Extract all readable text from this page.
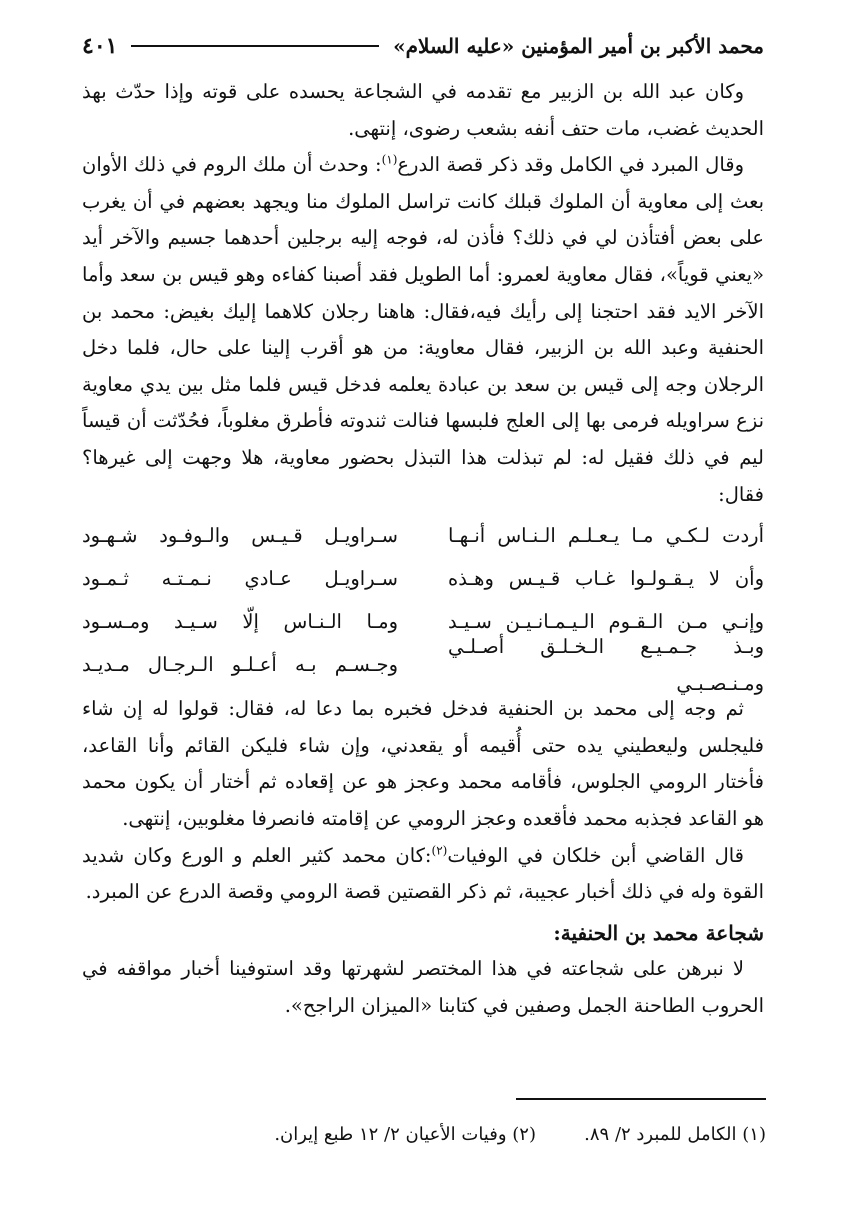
محمد الأكبر بن أمير المؤمنين «عليه السلام»
٤٠١

وكان عبد الله بن الزبير مع تقدمه في الشجاعة يحسده على قوته وإذا حدّث بهذ الحديث غضب، مات حتف أنفه بشعب رضوى، إنتهى.

وقال المبرد في الكامل وقد ذكر قصة الدرع$^{(١)}$: وحدث أن ملك الروم في ذلك الأوان بعث إلى معاوية أن الملوك قبلك كانت تراسل الملوك منا ويجهد بعضهم في أن يغرب على بعض أفتأذن لي في ذلك؟ فأذن له، فوجه إليه برجلين أحدهما جسيم والآخر أيد «يعني قوياً»، فقال معاوية لعمرو: أما الطويل فقد أصبنا كفاءه وهو قيس بن سعد وأما الآخر الايد فقد احتجنا إلى رأيك فيه،فقال: هاهنا رجلان كلاهما إليك بغيض: محمد بن الحنفية وعبد الله بن الزبير، فقال معاوية: من هو أقرب إلينا على حال، فلما دخل الرجلان وجه إلى قيس بن سعد بن عبادة يعلمه فدخل قيس فلما مثل بين يدي معاوية نزع سراويله فرمى بها إلى العلج فلبسها فنالت ثندوته فأطرق مغلوباً، فحُدّثت أن قيساً ليم في ذلك فقيل له: لم تبذلت هذا التبذل بحضور معاوية، هلا وجهت إلى غيرها؟ فقال:

أردت لـكـي مـا يـعـلـم الـنـاس أنـهـا
سـراويـل قـيـس والـوفـود شـهـود
وأن لا يـقـولـوا غـاب قـيـس وهـذه
سـراويـل عـادي نـمـتـه ثـمـود
وإنـي مـن الـقـوم الـيـمـانـيـن سـيـد
ومـا الـنـاس إلّا سـيـد ومـسـود
وبـذ جـمـيـع الـخـلـق أصـلـي ومـنـصـبـي
وجـسـم بـه أعـلـو الـرجـال مـديـد

ثم وجه إلى محمد بن الحنفية فدخل فخبره بما دعا له، فقال: قولوا له إن شاء فليجلس وليعطيني يده حتى أُقيمه أو يقعدني، وإن شاء فليكن القائم وأنا القاعد، فأختار الرومي الجلوس، فأقامه محمد وعجز هو عن إقعاده ثم أختار أن يكون محمد هو القاعد فجذبه محمد فأقعده وعجز الرومي عن إقامته فانصرفا مغلوبين، إنتهى.

قال القاضي أبن خلكان في الوفيات$^{(٢)}$:كان محمد كثير العلم و الورع وكان شديد القوة وله في ذلك أخبار عجيبة، ثم ذكر القصتين قصة الرومي وقصة الدرع عن المبرد.

شجاعة محمد بن الحنفية:

لا نبرهن على شجاعته في هذا المختصر لشهرتها وقد استوفينا أخبار مواقفه في الحروب الطاحنة الجمل وصفين في كتابنا «الميزان الراجح».

(١) الكامل للمبرد ٢/ ٨٩.
(٢) وفيات الأعيان ٢/ ١٢ طبع إيران.
